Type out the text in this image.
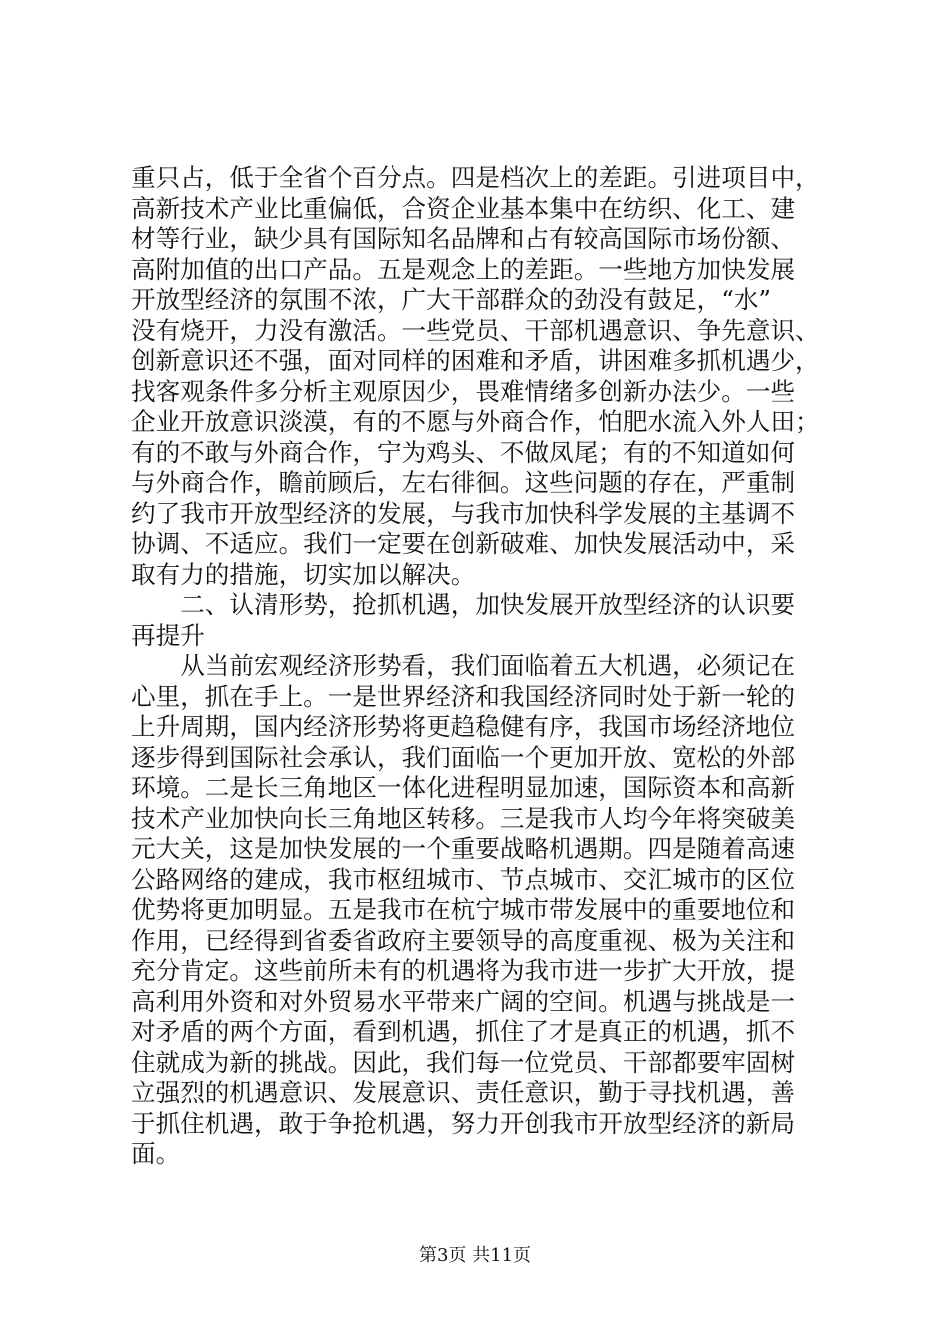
重只占，低于全省个百分点。四是档次上的差距。引进项目中，
高新技术产业比重偏低，合资企业基本集中在纺织、化工、建
材等行业，缺少具有国际知名品牌和占有较高国际市场份额、
高附加值的出口产品。五是观念上的差距。一些地方加快发展
开放型经济的氛围不浓，广大干部群众的劲没有鼓足，“水”
没有烧开，力没有激活。一些党员、干部机遇意识、争先意识、
创新意识还不强，面对同样的困难和矛盾，讲困难多抓机遇少，
找客观条件多分析主观原因少，畏难情绪多创新办法少。一些
企业开放意识淡漠，有的不愿与外商合作，怕肥水流入外人田；
有的不敢与外商合作，宁为鸡头、不做凤尾；有的不知道如何
与外商合作，瞻前顾后，左右徘徊。这些问题的存在，严重制
约了我市开放型经济的发展，与我市加快科学发展的主基调不
协调、不适应。我们一定要在创新破难、加快发展活动中，采
取有力的措施，切实加以解决。
　　二、认清形势，抢抓机遇，加快发展开放型经济的认识要
再提升
　　从当前宏观经济形势看，我们面临着五大机遇，必须记在
心里，抓在手上。一是世界经济和我国经济同时处于新一轮的
上升周期，国内经济形势将更趋稳健有序，我国市场经济地位
逐步得到国际社会承认，我们面临一个更加开放、宽松的外部
环境。二是长三角地区一体化进程明显加速，国际资本和高新
技术产业加快向长三角地区转移。三是我市人均今年将突破美
元大关，这是加快发展的一个重要战略机遇期。四是随着高速
公路网络的建成，我市枢纽城市、节点城市、交汇城市的区位
优势将更加明显。五是我市在杭宁城市带发展中的重要地位和
作用，已经得到省委省政府主要领导的高度重视、极为关注和
充分肯定。这些前所未有的机遇将为我市进一步扩大开放，提
高利用外资和对外贸易水平带来广阔的空间。机遇与挑战是一
对矛盾的两个方面，看到机遇，抓住了才是真正的机遇，抓不
住就成为新的挑战。因此，我们每一位党员、干部都要牢固树
立强烈的机遇意识、发展意识、责任意识，勤于寻找机遇，善
于抓住机遇，敢于争抢机遇，努力开创我市开放型经济的新局
面。
第3页 共11页
